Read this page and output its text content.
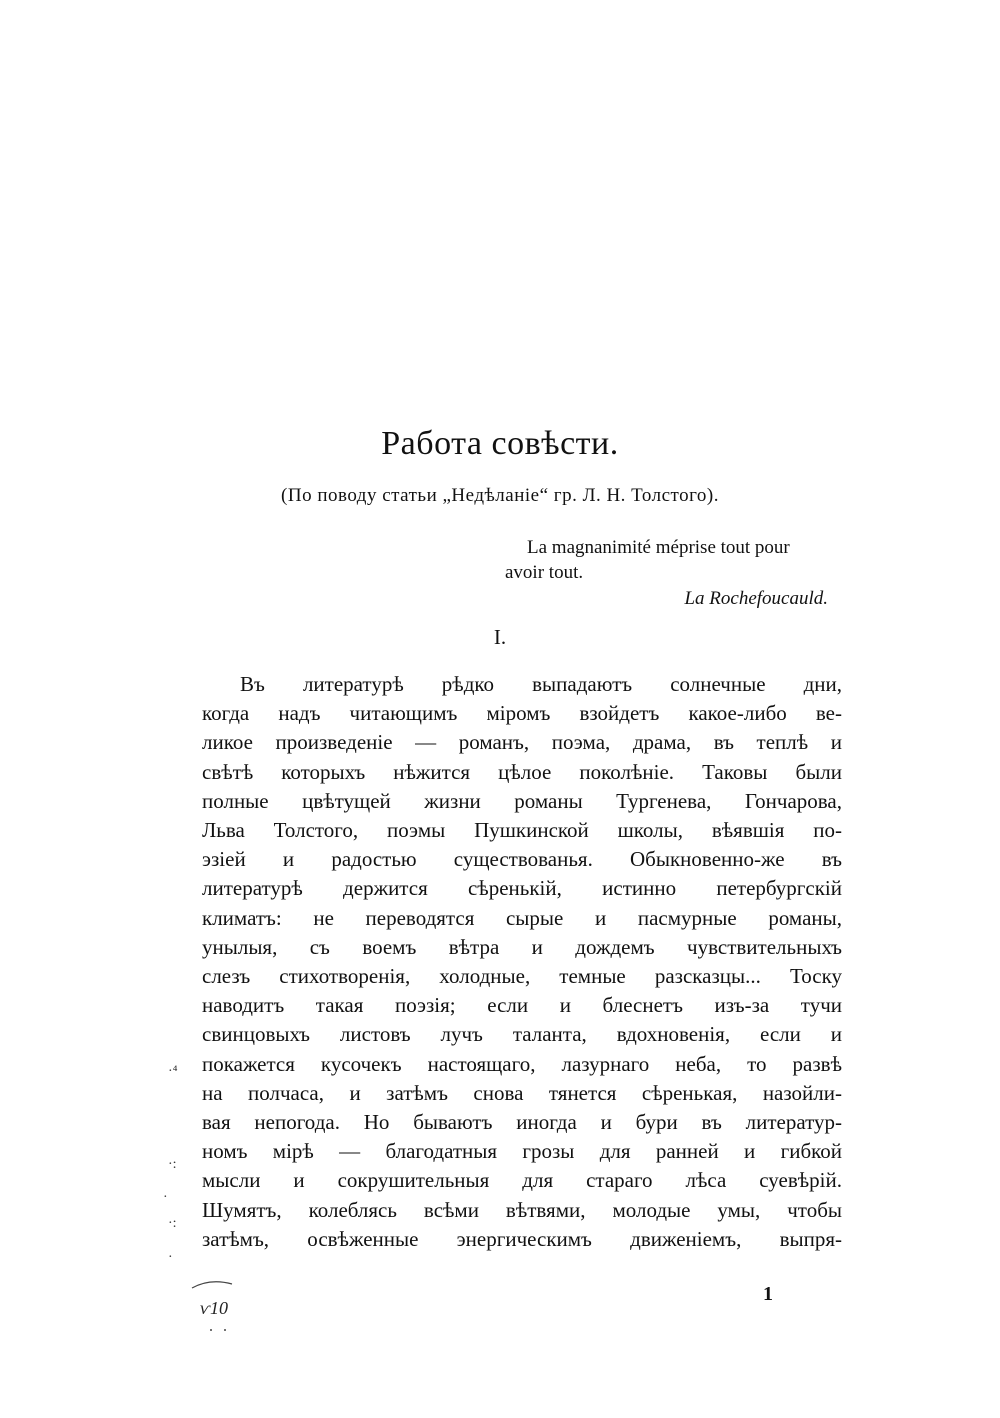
Работа совѣсти.
(По поводу статьи „Недѣланіе“ гр. Л. Н. Толстого).
La magnanimité méprise tout pour
avoir tout.
La Rochefoucauld.
I.
Въ литературѣ рѣдко выпадаютъ солнечные дни,
когда надъ читающимъ міромъ взойдетъ какое-либо ве-
ликое произведеніе — романъ, поэма, драма, въ теплѣ и
свѣтѣ которыхъ нѣжится цѣлое поколѣніе. Таковы были
полные цвѣтущей жизни романы Тургенева, Гончарова,
Льва Толстого, поэмы Пушкинской школы, вѣявшія по-
эзіей и радостью существованья. Обыкновенно-же въ
литературѣ держится сѣренькій, истинно петербургскій
климатъ: не переводятся сырые и пасмурные романы,
унылыя, съ воемъ вѣтра и дождемъ чувствительныхъ
слезъ стихотворенія, холодные, темные разсказцы... Тоску
наводитъ такая поэзія; если и блеснетъ изъ-за тучи
свинцовыхъ листовъ лучъ таланта, вдохновенія, если и
покажется кусочекъ настоящаго, лазурнаго неба, то развѣ
на полчаса, и затѣмъ снова тянется сѣренькая, назойли-
вая непогода. Но бываютъ иногда и бури въ литератур-
номъ мірѣ — благодатныя грозы для ранней и гибкой
мысли и сокрушительныя для стараго лѣса суевѣрій.
Шумятъ, колеблясь всѣми вѣтвями, молодые умы, чтобы
затѣмъ, освѣженные энергическимъ движеніемъ, выпря-
1
·⁴
·:
·
·:
·
ѵ10
